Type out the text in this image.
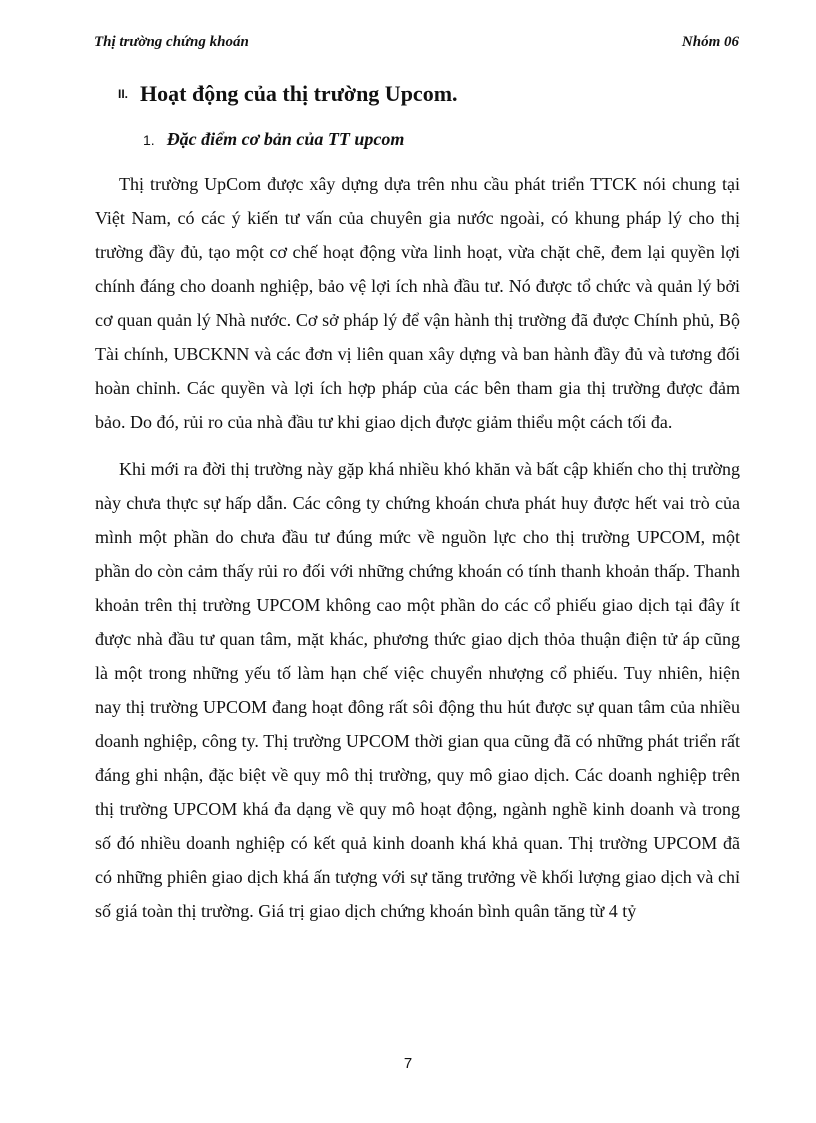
Thị trường chứng khoán	Nhóm 06
II. Hoạt động của thị trường Upcom.
1. Đặc điểm cơ bản của TT upcom

Thị trường UpCom được xây dựng dựa trên nhu cầu phát triển TTCK nói chung tại Việt Nam, có các ý kiến tư vấn của chuyên gia nước ngoài, có khung pháp lý cho thị trường đầy đủ, tạo một cơ chế hoạt động vừa linh hoạt, vừa chặt chẽ, đem lại quyền lợi chính đáng cho doanh nghiệp, bảo vệ lợi ích nhà đầu tư. Nó được tổ chức và quản lý bởi cơ quan quản lý Nhà nước. Cơ sở pháp lý để vận hành thị trường đã được Chính phủ, Bộ Tài chính, UBCKNN và các đơn vị liên quan xây dựng và ban hành đầy đủ và tương đối hoàn chỉnh. Các quyền và lợi ích hợp pháp của các bên tham gia thị trường được đảm bảo. Do đó, rủi ro của nhà đầu tư khi giao dịch được giảm thiểu một cách tối đa.

Khi mới ra đời thị trường này gặp khá nhiều khó khăn và bất cập khiến cho thị trường này chưa thực sự hấp dẫn. Các công ty chứng khoán chưa phát huy được hết vai trò của mình một phần do chưa đầu tư đúng mức về nguồn lực cho thị trường UPCOM, một phần do còn cảm thấy rủi ro đối với những chứng khoán có tính thanh khoản thấp. Thanh khoản trên thị trường UPCOM không cao một phần do các cổ phiếu giao dịch tại đây ít được nhà đầu tư quan tâm, mặt khác, phương thức giao dịch thỏa thuận điện tử áp cũng là một trong những yếu tố làm hạn chế việc chuyển nhượng cổ phiếu. Tuy nhiên, hiện nay thị trường UPCOM đang hoạt đông rất sôi động thu hút được sự quan tâm của nhiều doanh nghiệp, công ty. Thị trường UPCOM thời gian qua cũng đã có những phát triển rất đáng ghi nhận, đặc biệt về quy mô thị trường, quy mô giao dịch. Các doanh nghiệp trên thị trường UPCOM khá đa dạng về quy mô hoạt động, ngành nghề kinh doanh và trong số đó nhiều doanh nghiệp có kết quả kinh doanh khá khả quan. Thị trường UPCOM đã có những phiên giao dịch khá ấn tượng với sự tăng trưởng về khối lượng giao dịch và chỉ số giá toàn thị trường. Giá trị giao dịch chứng khoán bình quân tăng từ 4 tỷ

7
